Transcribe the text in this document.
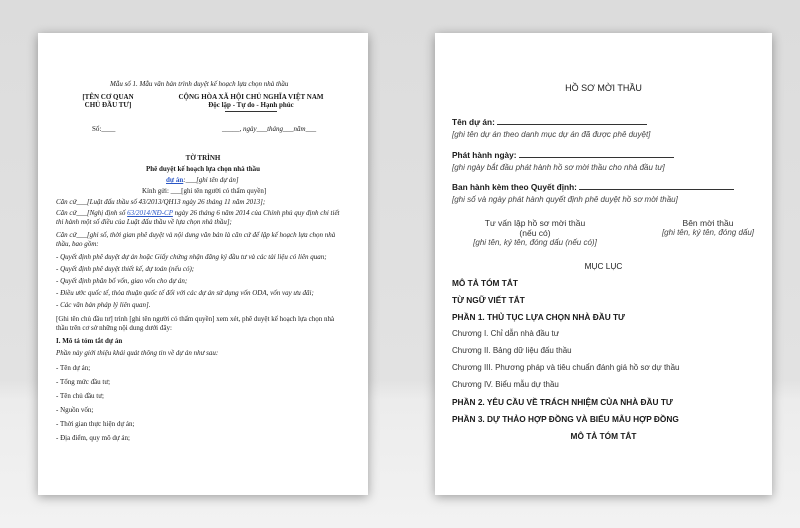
Mẫu số 1. Mẫu văn bản trình duyệt kế hoạch lựa chọn nhà thầu
[TÊN CƠ QUAN
CHỦ ĐẦU TƯ]
CỘNG HÒA XÃ HỘI CHỦ NGHĨA VIỆT NAM
Độc lập - Tự do - Hạnh phúc
Số:____	_____, ngày___tháng___năm___
TỜ TRÌNH
Phê duyệt kế hoạch lựa chọn nhà thầu
dự án:___[ghi tên dự án]
Kính gửi: ___[ghi tên người có thẩm quyền]
Căn cứ___[Luật đấu thầu số 43/2013/QH13 ngày 26 tháng 11 năm 2013];
Căn cứ___[Nghị định số 63/2014/NĐ-CP ngày 26 tháng 6 năm 2014 của Chính phủ quy định chi tiết
thi hành một số điều của Luật đấu thầu về lựa chọn nhà thầu];
Căn cứ___[ghi số, thời gian phê duyệt và nội dung văn bản là căn cứ để lập kế hoạch lựa chọn nhà
thầu, bao gồm:
- Quyết định phê duyệt dự án hoặc Giấy chứng nhận đăng ký đầu tư và các tài liệu có liên quan;
- Quyết định phê duyệt thiết kế, dự toán (nếu có);
- Quyết định phân bổ vốn, giao vốn cho dự án;
- Điều ước quốc tế, thỏa thuận quốc tế đối với các dự án sử dụng vốn ODA, vốn vay ưu đãi;
- Các văn bản pháp lý liên quan].
[Ghi tên chủ đầu tư] trình [ghi tên người có thẩm quyền] xem xét, phê duyệt kế hoạch lựa chọn nhà
thầu trên cơ sở những nội dung dưới đây:
I. Mô tả tóm tắt dự án
Phần này giới thiệu khái quát thông tin về dự án như sau:
- Tên dự án;
- Tổng mức đầu tư;
- Tên chủ đầu tư;
- Nguồn vốn;
- Thời gian thực hiện dự án;
- Địa điểm, quy mô dự án;
HỒ SƠ MỜI THẦU
Tên dự án:
[ghi tên dự án theo danh mục dự án đã được phê duyệt]
Phát hành ngày:
[ghi ngày bắt đầu phát hành hồ sơ mời thầu cho nhà đầu tư]
Ban hành kèm theo Quyết định:
[ghi số và ngày phát hành quyết định phê duyệt hồ sơ mời thầu]
Tư vấn lập hồ sơ mời thầu
(nếu có)
[ghi tên, ký tên, đóng dấu (nếu có)]
Bên mời thầu
[ghi tên, ký tên, đóng dấu]
MỤC LỤC
MÔ TẢ TÓM TẮT
TỪ NGỮ VIẾT TẮT
PHẦN 1. THỦ TỤC LỰA CHỌN NHÀ ĐẦU TƯ
Chương I. Chỉ dẫn nhà đầu tư
Chương II. Bảng dữ liệu đấu thầu
Chương III. Phương pháp và tiêu chuẩn đánh giá hồ sơ dự thầu
Chương IV. Biểu mẫu dự thầu
PHẦN 2. YÊU CẦU VỀ TRÁCH NHIỆM CỦA NHÀ ĐẦU TƯ
PHẦN 3. DỰ THẢO HỢP ĐỒNG VÀ BIỂU MẪU HỢP ĐỒNG
MÔ TẢ TÓM TẮT
